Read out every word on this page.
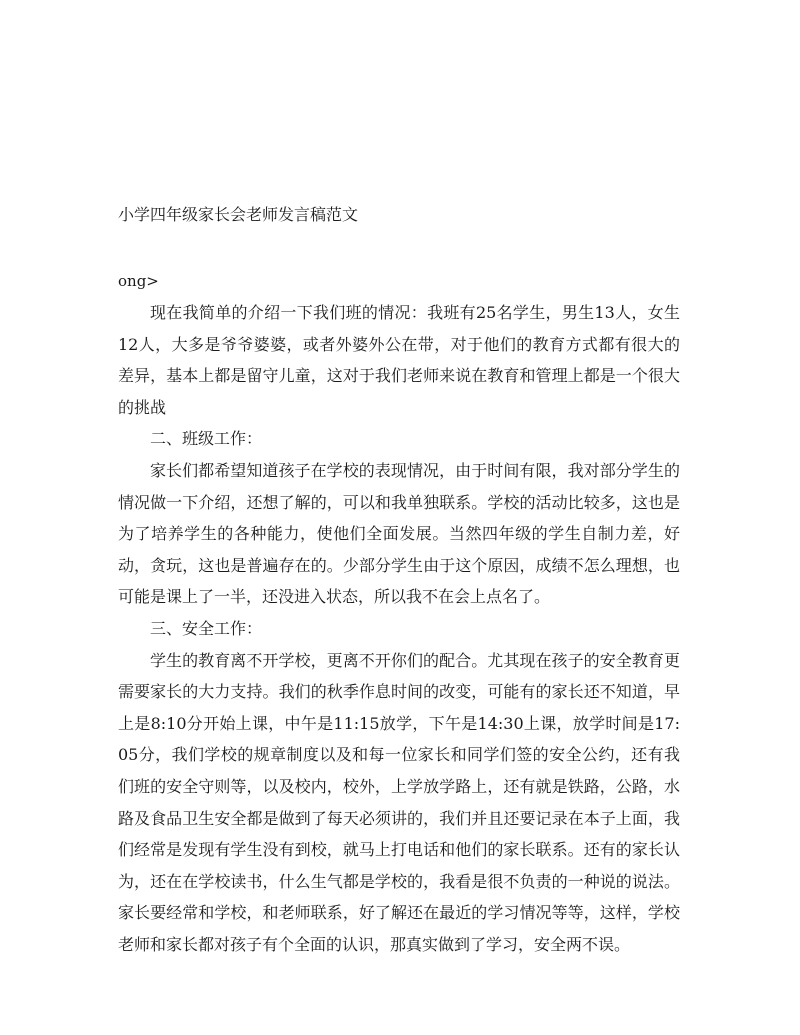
小学四年级家长会老师发言稿范文
ong>

现在我简单的介绍一下我们班的情况：我班有25名学生，男生13人，女生12人，大多是爷爷婆婆，或者外婆外公在带，对于他们的教育方式都有很大的差异，基本上都是留守儿童，这对于我们老师来说在教育和管理上都是一个很大的挑战

二、班级工作：

家长们都希望知道孩子在学校的表现情况，由于时间有限，我对部分学生的情况做一下介绍，还想了解的，可以和我单独联系。学校的活动比较多，这也是为了培养学生的各种能力，使他们全面发展。当然四年级的学生自制力差，好动，贪玩，这也是普遍存在的。少部分学生由于这个原因，成绩不怎么理想，也可能是课上了一半，还没进入状态，所以我不在会上点名了。

三、安全工作：

学生的教育离不开学校，更离不开你们的配合。尤其现在孩子的安全教育更需要家长的大力支持。我们的秋季作息时间的改变，可能有的家长还不知道，早上是8:10分开始上课，中午是11:15放学，下午是14:30上课，放学时间是17:05分，我们学校的规章制度以及和每一位家长和同学们签的安全公约，还有我们班的安全守则等，以及校内，校外，上学放学路上，还有就是铁路，公路，水路及食品卫生安全都是做到了每天必须讲的，我们并且还要记录在本子上面，我们经常是发现有学生没有到校，就马上打电话和他们的家长联系。还有的家长认为，还在在学校读书，什么生气都是学校的，我看是很不负责的一种说的说法。家长要经常和学校，和老师联系，好了解还在最近的学习情况等等，这样，学校老师和家长都对孩子有个全面的认识，那真实做到了学习，安全两不误。
